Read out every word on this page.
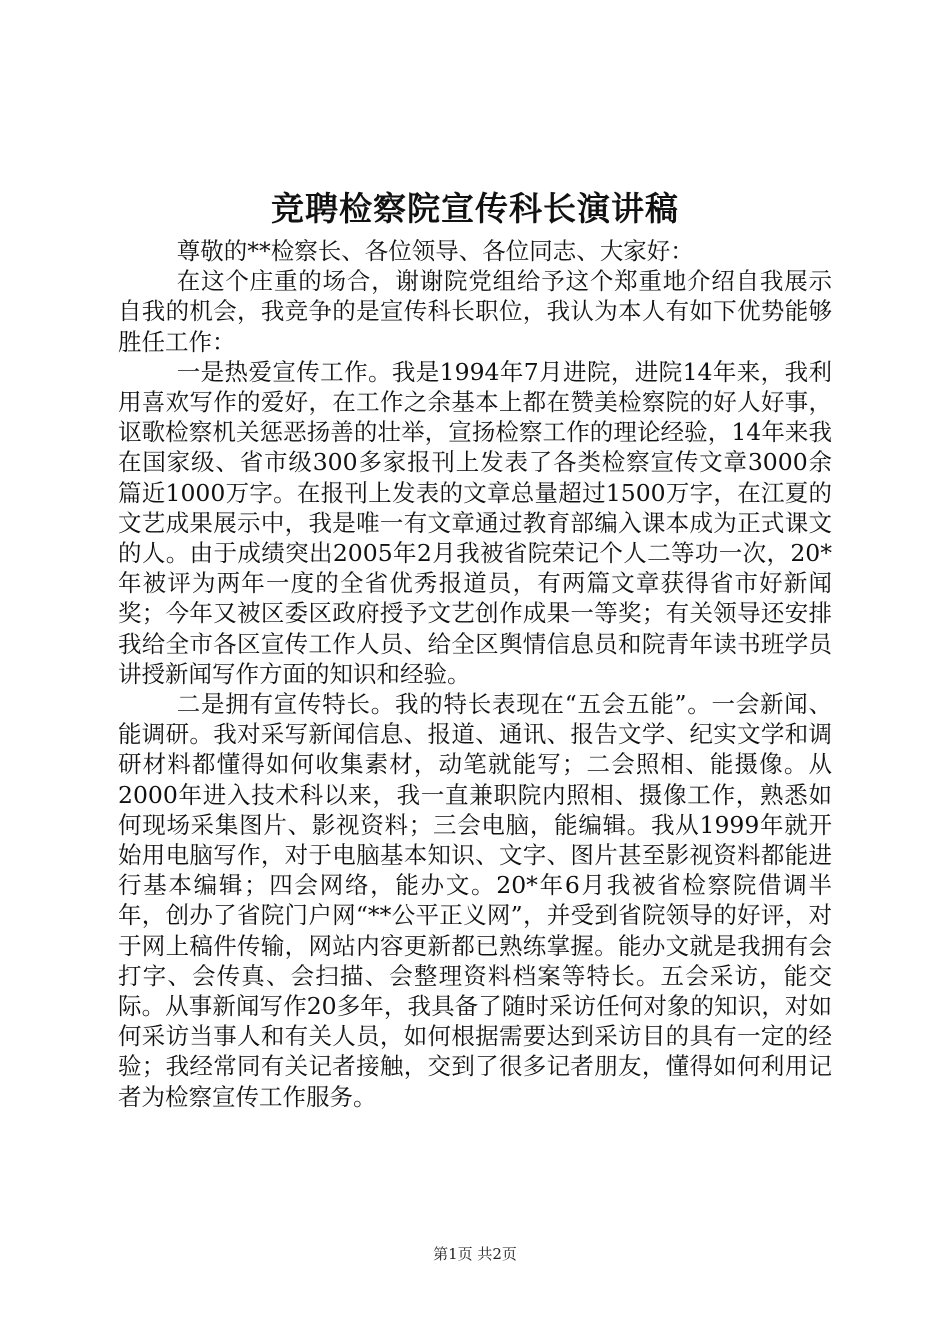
竞聘检察院宣传科长演讲稿

尊敬的**检察长、各位领导、各位同志、大家好：

在这个庄重的场合，谢谢院党组给予这个郑重地介绍自我展示自我的机会，我竞争的是宣传科长职位，我认为本人有如下优势能够胜任工作：

一是热爱宣传工作。我是1994年7月进院，进院14年来，我利用喜欢写作的爱好，在工作之余基本上都在赞美检察院的好人好事，讴歌检察机关惩恶扬善的壮举，宣扬检察工作的理论经验，14年来我在国家级、省市级300多家报刊上发表了各类检察宣传文章3000余篇近1000万字。在报刊上发表的文章总量超过1500万字，在江夏的文艺成果展示中，我是唯一有文章通过教育部编入课本成为正式课文的人。由于成绩突出2005年2月我被省院荣记个人二等功一次，20*年被评为两年一度的全省优秀报道员，有两篇文章获得省市好新闻奖；今年又被区委区政府授予文艺创作成果一等奖；有关领导还安排我给全市各区宣传工作人员、给全区舆情信息员和院青年读书班学员讲授新闻写作方面的知识和经验。

二是拥有宣传特长。我的特长表现在“五会五能”。一会新闻、能调研。我对采写新闻信息、报道、通讯、报告文学、纪实文学和调研材料都懂得如何收集素材，动笔就能写；二会照相、能摄像。从2000年进入技术科以来，我一直兼职院内照相、摄像工作，熟悉如何现场采集图片、影视资料；三会电脑，能编辑。我从1999年就开始用电脑写作，对于电脑基本知识、文字、图片甚至影视资料都能进行基本编辑；四会网络，能办文。20*年6月我被省检察院借调半年，创办了省院门户网“**公平正义网”，并受到省院领导的好评，对于网上稿件传输，网站内容更新都已熟练掌握。能办文就是我拥有会打字、会传真、会扫描、会整理资料档案等特长。五会采访，能交际。从事新闻写作20多年，我具备了随时采访任何对象的知识，对如何采访当事人和有关人员，如何根据需要达到采访目的具有一定的经验；我经常同有关记者接触，交到了很多记者朋友，懂得如何利用记者为检察宣传工作服务。

第1页 共2页
